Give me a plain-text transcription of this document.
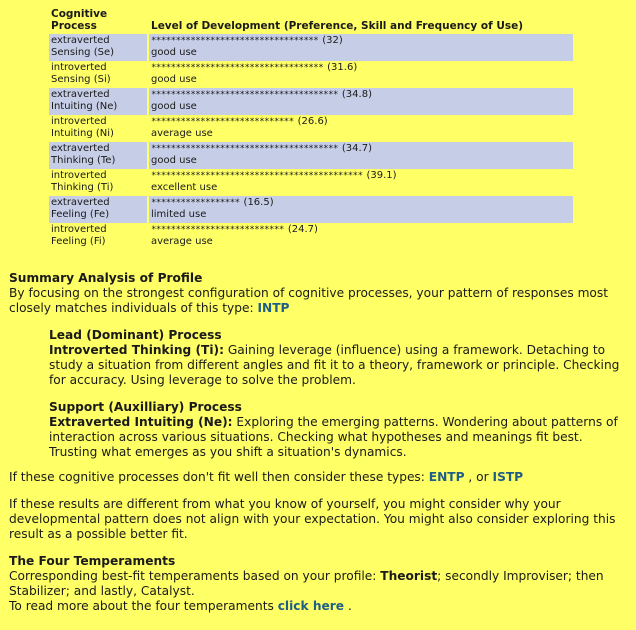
Cognitive Process	Level of Development (Preference, Skill and Frequency of Use)
extraverted Sensing (Se)	********************************** (32)
good use

introverted Sensing (Si)	*********************************** (31.6)
good use

extraverted Intuiting (Ne)	************************************** (34.8)
good use

introverted Intuiting (Ni)	***************************** (26.6)
average use

extraverted Thinking (Te)	************************************** (34.7)
good use

introverted Thinking (Ti)	******************************************* (39.1)
excellent use

extraverted Feeling (Fe)	****************** (16.5)
limited use

introverted Feeling (Fi)	*************************** (24.7)
average use

Summary Analysis of Profile

By focusing on the strongest configuration of cognitive processes, your pattern of responses most closely matches individuals of this type: INTP

Lead (Dominant) Process

Introverted Thinking (Ti): Gaining leverage (influence) using a framework. Detaching to study a situation from different angles and fit it to a theory, framework or principle. Checking for accuracy. Using leverage to solve the problem.

Support (Auxilliary) Process

Extraverted Intuiting (Ne): Exploring the emerging patterns. Wondering about patterns of interaction across various situations. Checking what hypotheses and meanings fit best. Trusting what emerges as you shift a situation's dynamics.

If these cognitive processes don't fit well then consider these types: ENTP , or ISTP

If these results are different from what you know of yourself, you might consider why your developmental pattern does not align with your expectation. You might also consider exploring this result as a possible better fit.

The Four Temperaments

Corresponding best-fit temperaments based on your profile: Theorist; secondly Improviser; then Stabilizer; and lastly, Catalyst.

To read more about the four temperaments click here .
